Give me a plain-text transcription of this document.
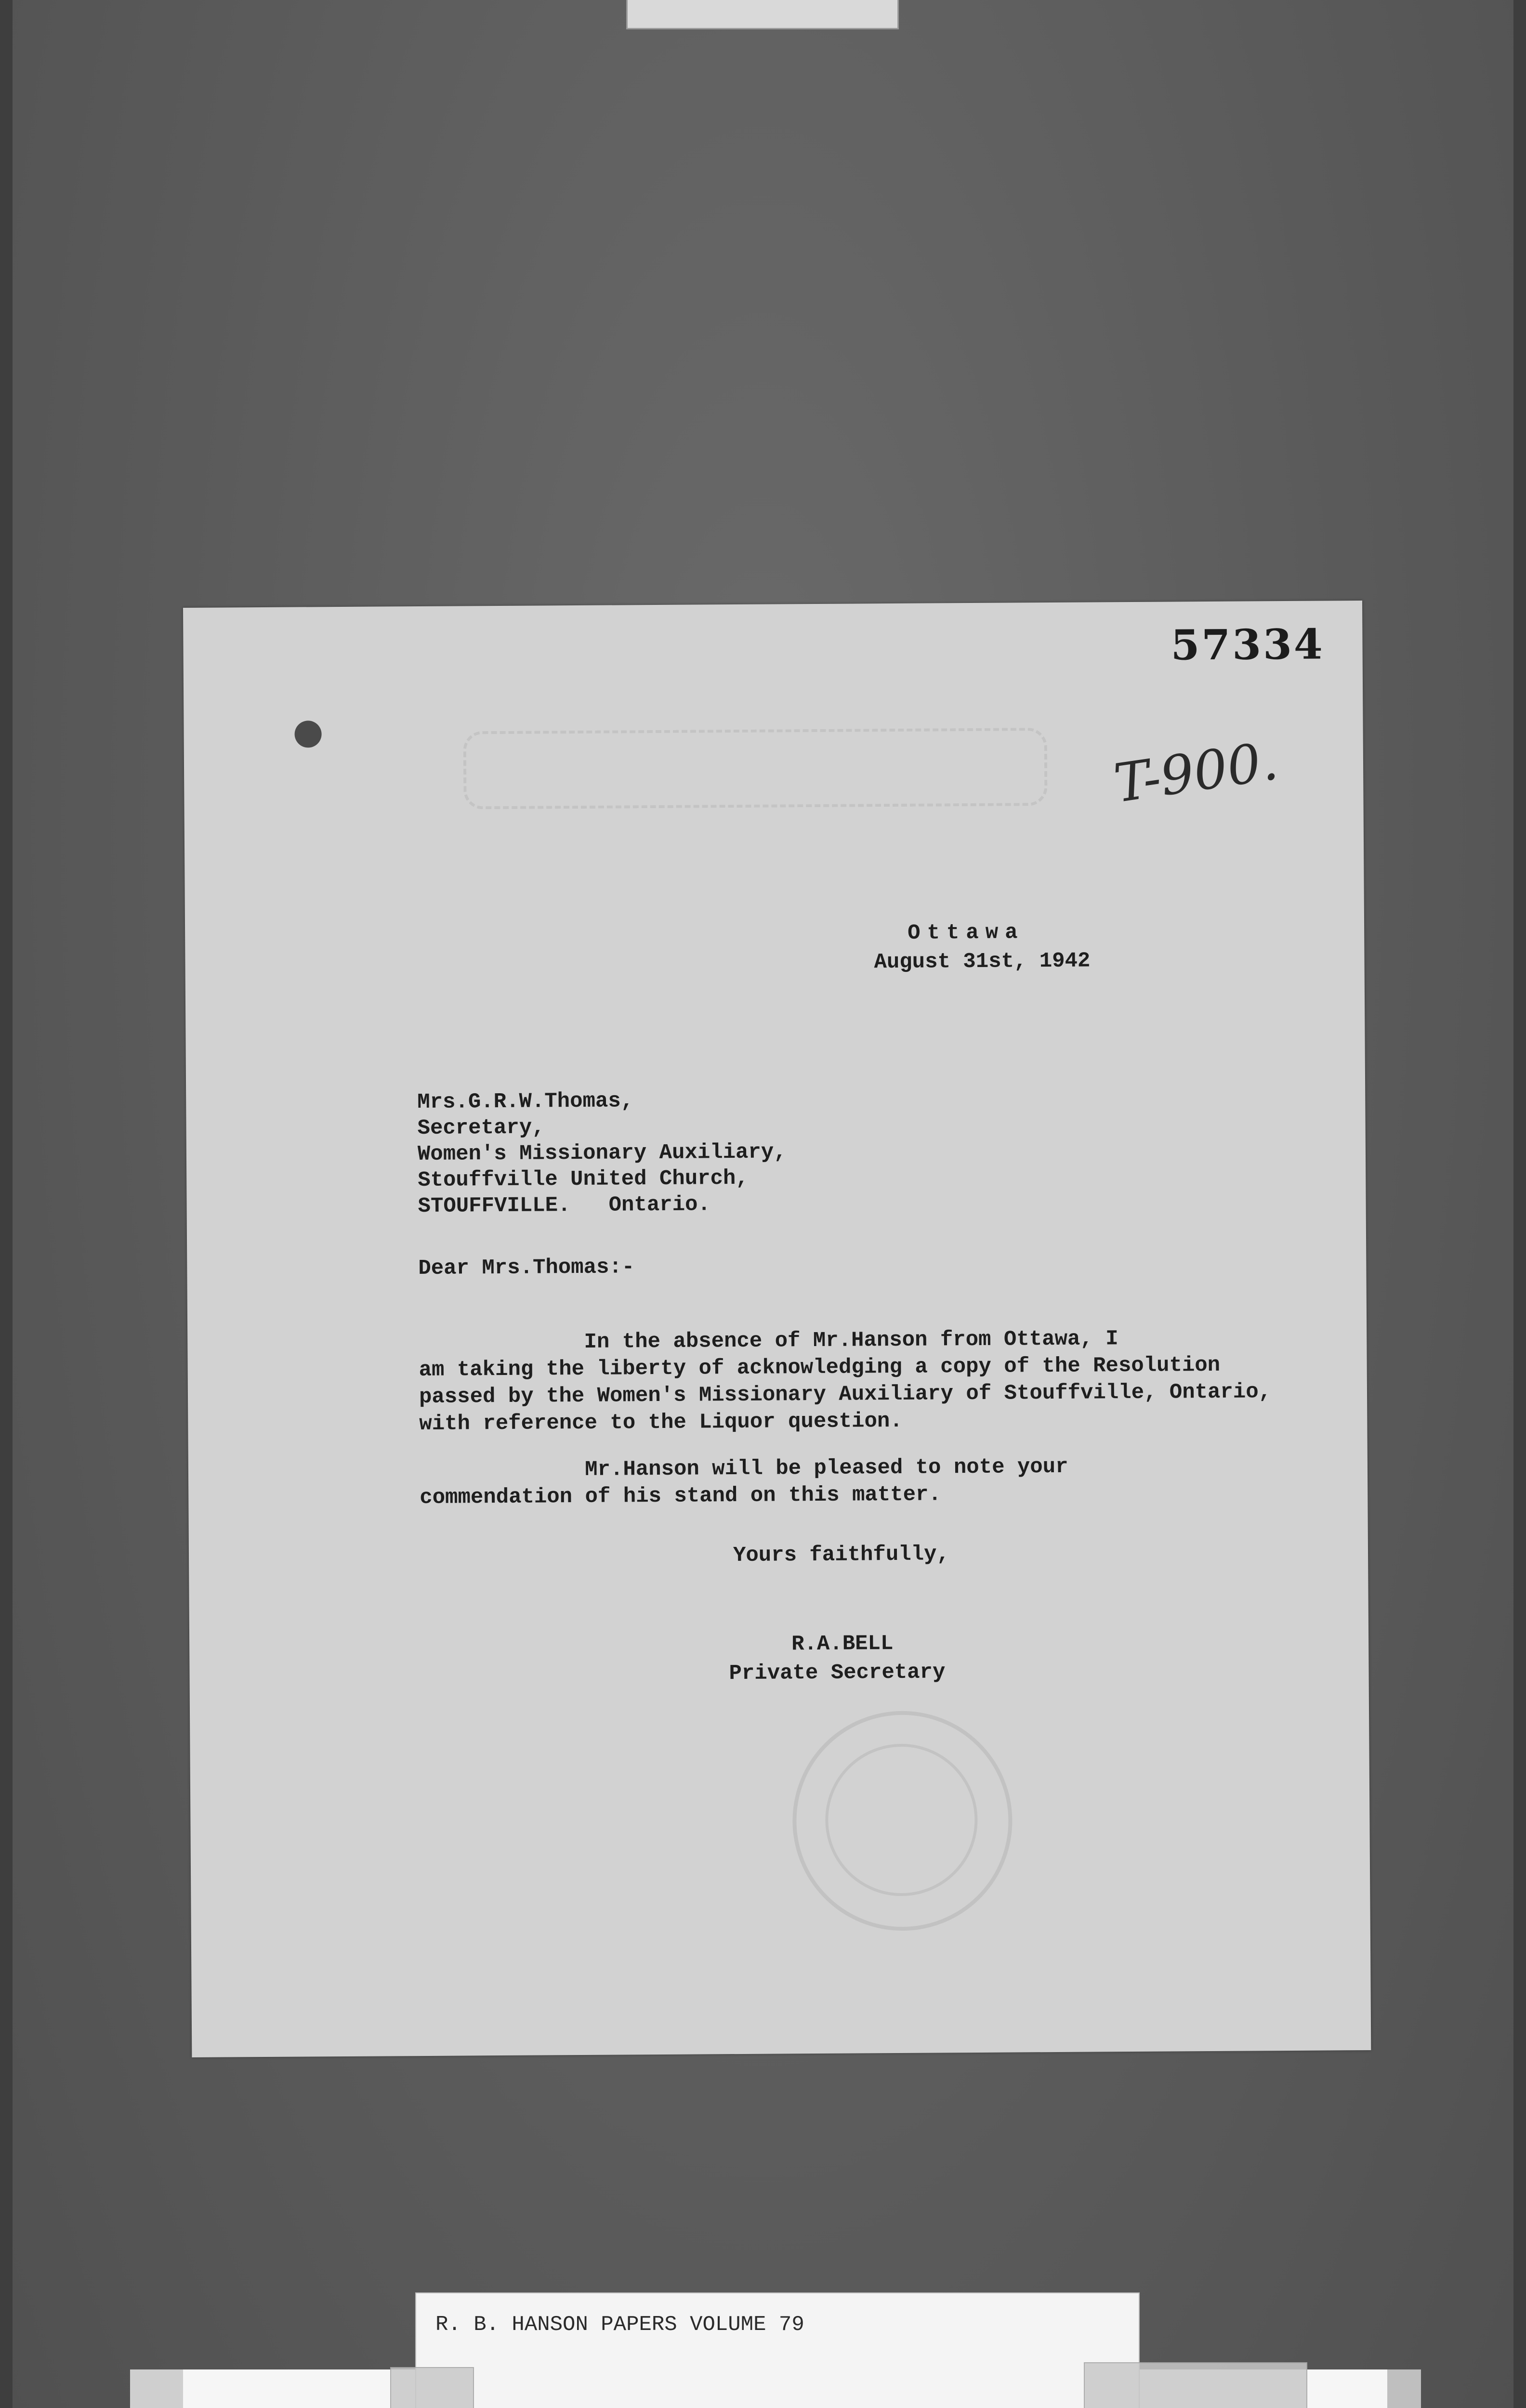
57334
T-900.
Ottawa
August 31st, 1942
Mrs.G.R.W.Thomas,
Secretary,
Women's Missionary Auxiliary,
Stouffville United Church,
STOUFFVILLE.   Ontario.
Dear Mrs.Thomas:-
In the absence of Mr.Hanson from Ottawa, I
am taking the liberty of acknowledging a copy of the Resolution
passed by the Women's Missionary Auxiliary of Stouffville, Ontario,
with reference to the Liquor question.
Mr.Hanson will be pleased to note your
commendation of his stand on this matter.
Yours faithfully,
R.A.BELL
Private Secretary
R. B. HANSON PAPERS VOLUME 79
